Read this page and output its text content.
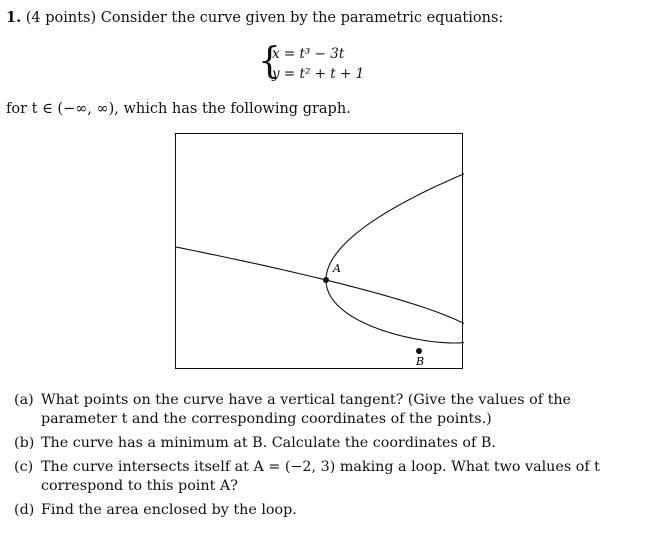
1. (4 points) Consider the curve given by the parametric equations:
{
x = t³ − 3t
y = t² + t + 1
for t ∈ (−∞, ∞), which has the following graph.
A
B
(a) What points on the curve have a vertical tangent? (Give the values of the parameter t and the corresponding coordinates of the points.)
(b) The curve has a minimum at B. Calculate the coordinates of B.
(c) The curve intersects itself at A = (−2, 3) making a loop. What two values of t correspond to this point A?
(d) Find the area enclosed by the loop.
